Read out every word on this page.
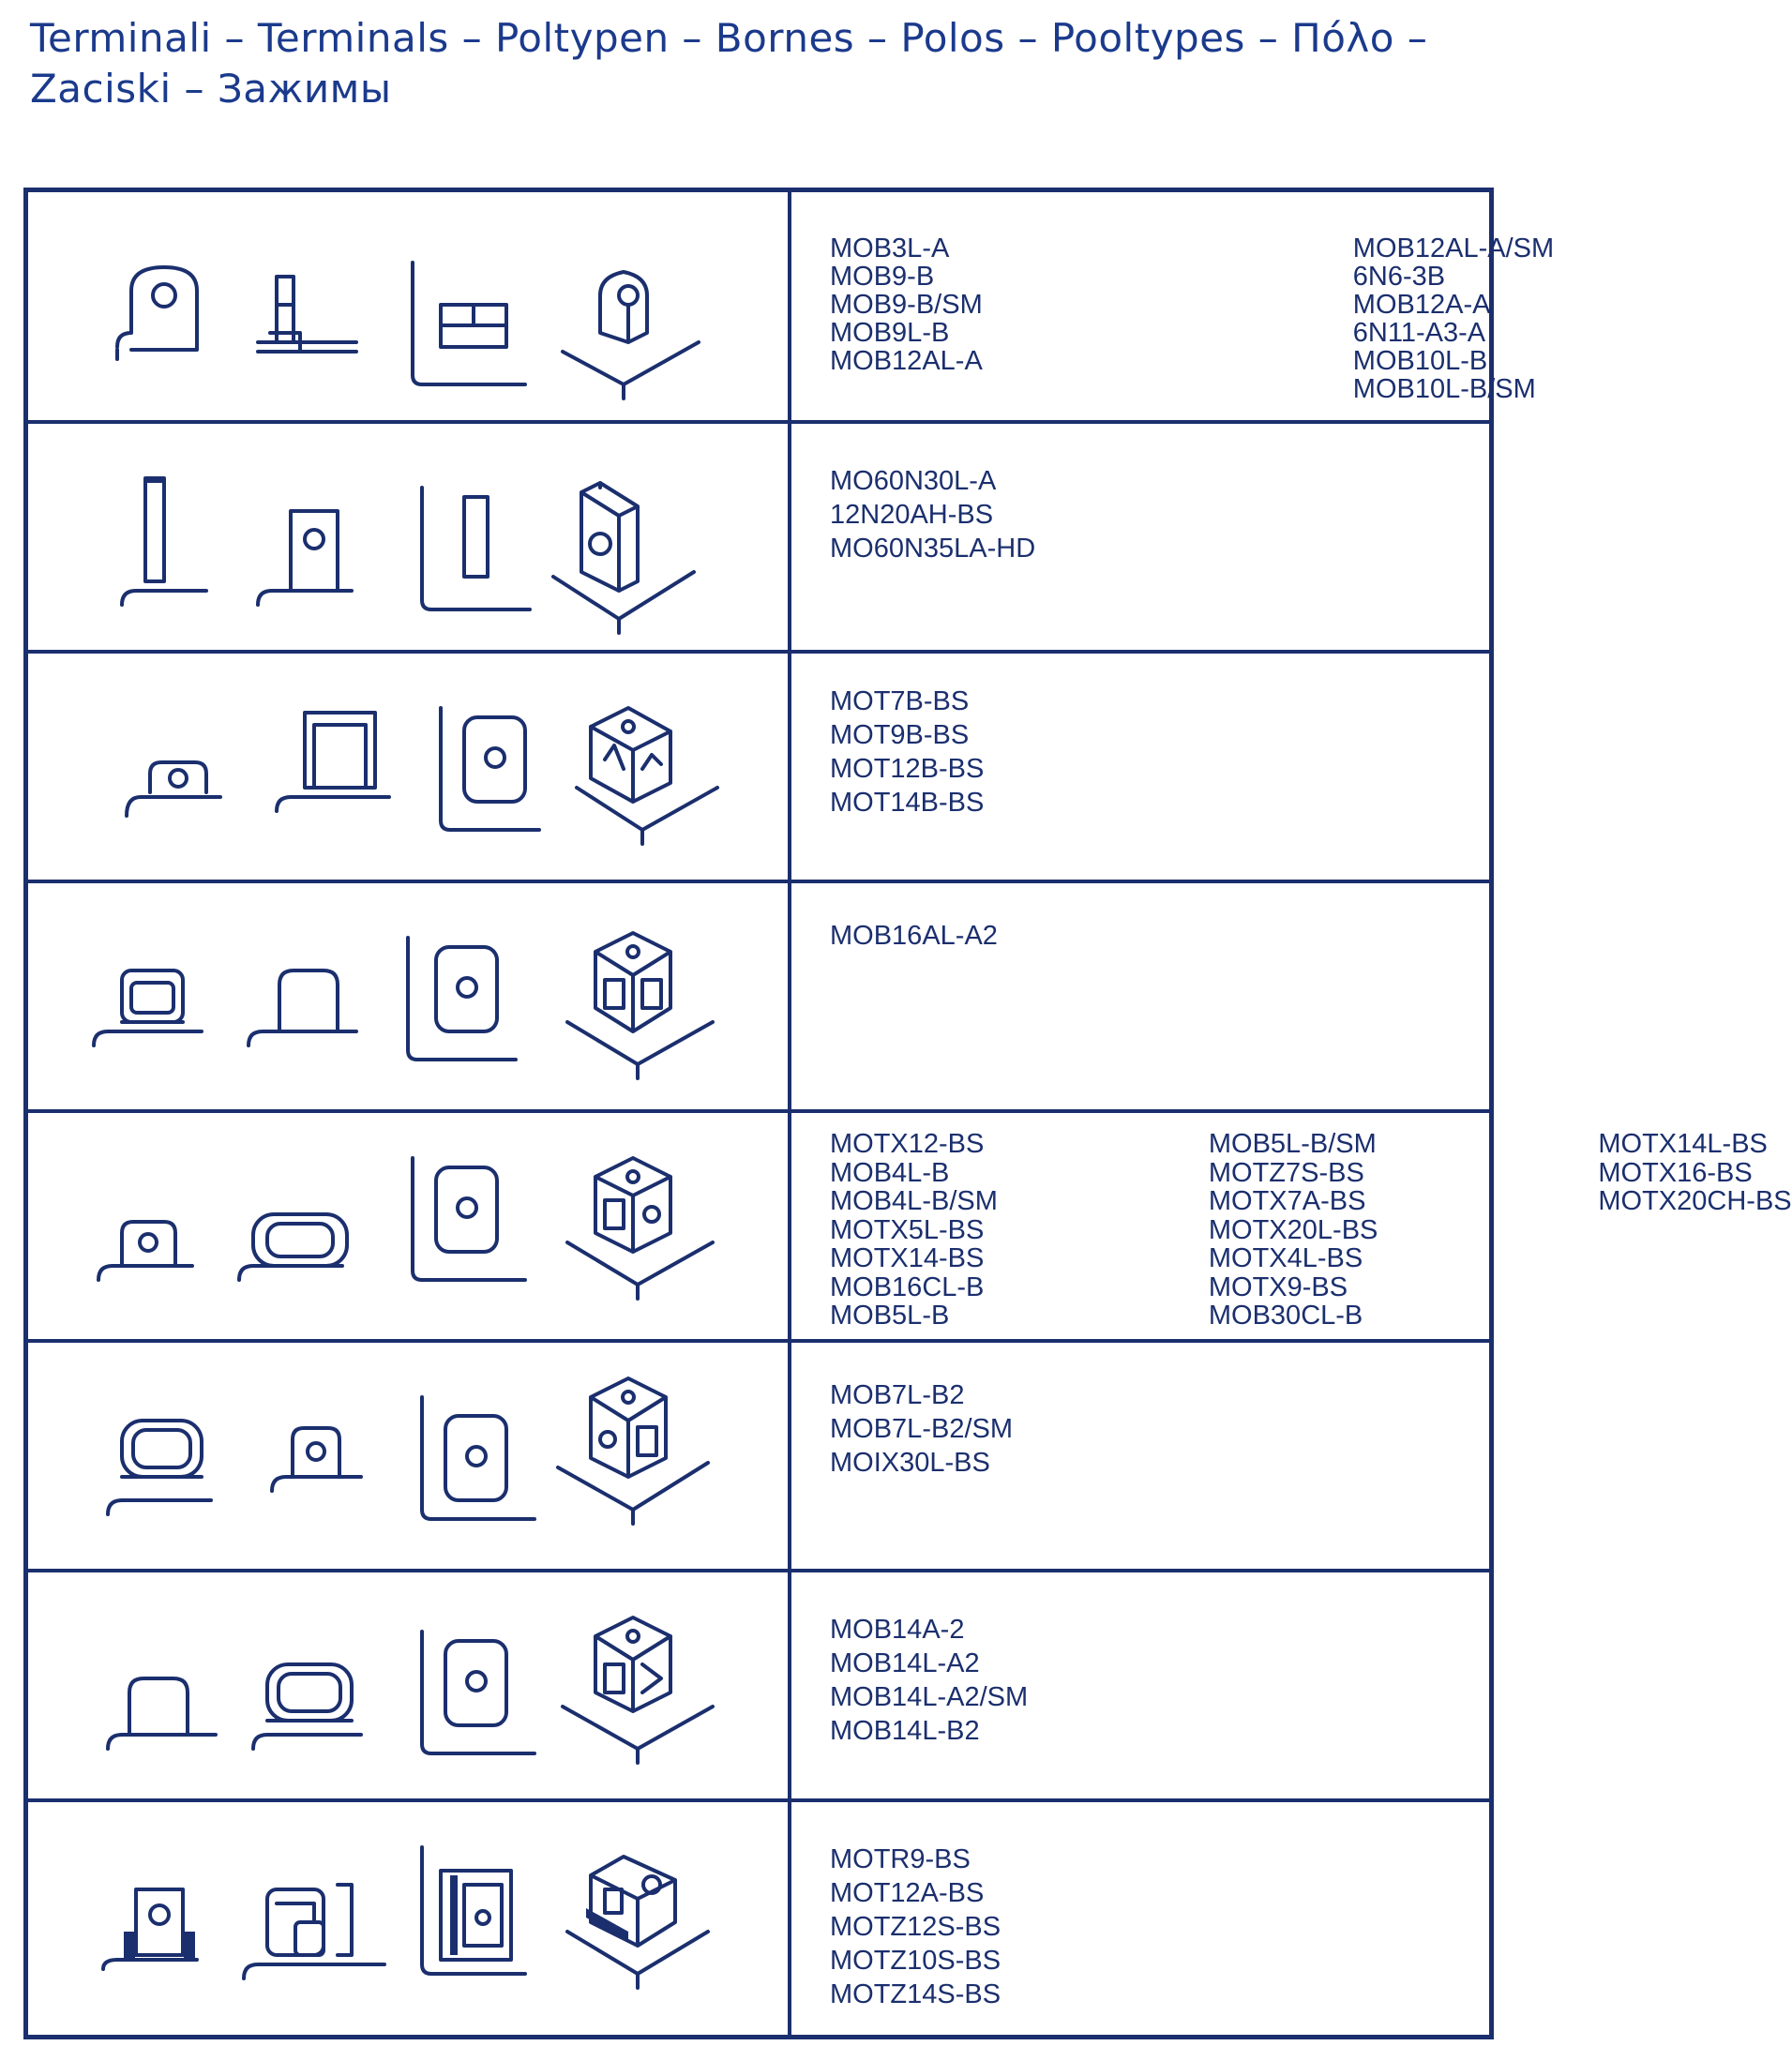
Terminali – Terminals – Poltypen – Bornes – Polos – Pooltypes – Πόλο – Zaciski – Зажимы
MOB3L-A
MOB9-B
MOB9-B/SM
MOB9L-B
MOB12AL-A
MOB12AL-A/SM
6N6-3B
MOB12A-A
6N11-A3-A
MOB10L-B
MOB10L-B/SM
MO60N30L-A
12N20AH-BS
MO60N35LA-HD
MOT7B-BS
MOT9B-BS
MOT12B-BS
MOT14B-BS
MOB16AL-A2
MOTX12-BS
MOB4L-B
MOB4L-B/SM
MOTX5L-BS
MOTX14-BS
MOB16CL-B
MOB5L-B
MOB5L-B/SM
MOTZ7S-BS
MOTX7A-BS
MOTX20L-BS
MOTX4L-BS
MOTX9-BS
MOB30CL-B
MOTX14L-BS
MOTX16-BS
MOTX20CH-BS
MOB7L-B2
MOB7L-B2/SM
MOIX30L-BS
MOB14A-2
MOB14L-A2
MOB14L-A2/SM
MOB14L-B2
MOTR9-BS
MOT12A-BS
MOTZ12S-BS
MOTZ10S-BS
MOTZ14S-BS
